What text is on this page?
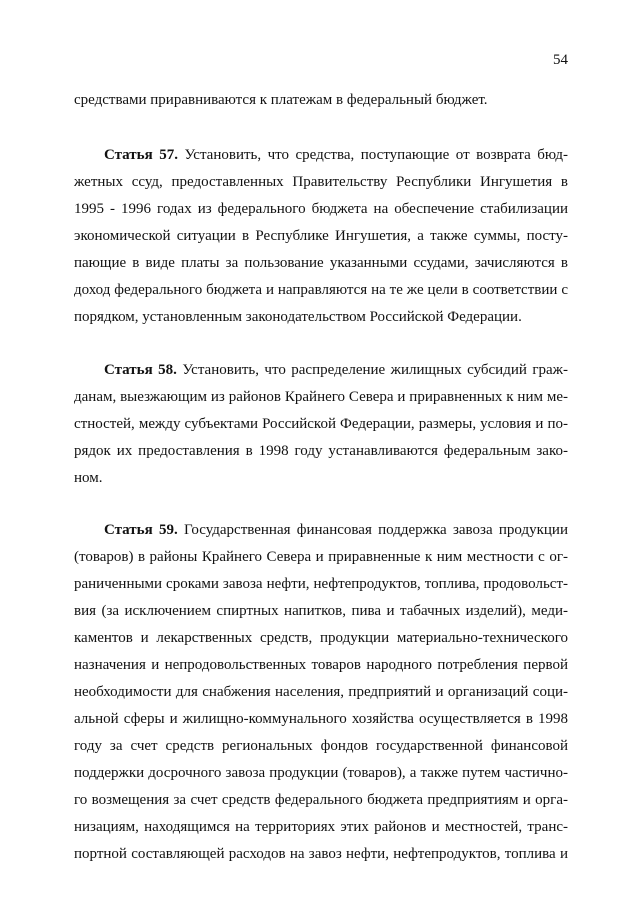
54
средствами приравниваются к платежам в федеральный бюджет.
Статья 57. Установить, что средства, поступающие от возврата бюд-
жетных ссуд, предоставленных Правительству Республики Ингушетия в
1995 - 1996 годах из федерального бюджета на обеспечение стабилизации
экономической ситуации в Республике Ингушетия, а также суммы, посту-
пающие в виде платы за пользование указанными ссудами, зачисляются в
доход федерального бюджета и направляются на те же цели в соответствии с
порядком, установленным законодательством Российской Федерации.
Статья 58. Установить, что распределение жилищных субсидий граж-
данам, выезжающим из районов Крайнего Севера и приравненных к ним ме-
стностей, между субъектами Российской Федерации, размеры, условия и по-
рядок их предоставления в 1998 году устанавливаются федеральным зако-
ном.
Статья 59. Государственная финансовая поддержка завоза продукции
(товаров) в районы Крайнего Севера и приравненные к ним местности с ог-
раниченными сроками завоза нефти, нефтепродуктов, топлива, продовольст-
вия (за исключением спиртных напитков, пива и табачных изделий), меди-
каментов и лекарственных средств, продукции материально-технического
назначения и непродовольственных товаров народного потребления первой
необходимости для снабжения населения, предприятий и организаций соци-
альной сферы и жилищно-коммунального хозяйства осуществляется в 1998
году за счет средств региональных фондов государственной финансовой
поддержки досрочного завоза продукции (товаров), а также путем частично-
го возмещения за счет средств федерального бюджета предприятиям и орга-
низациям, находящимся на территориях этих районов и местностей, транс-
портной составляющей расходов на завоз нефти, нефтепродуктов, топлива и
